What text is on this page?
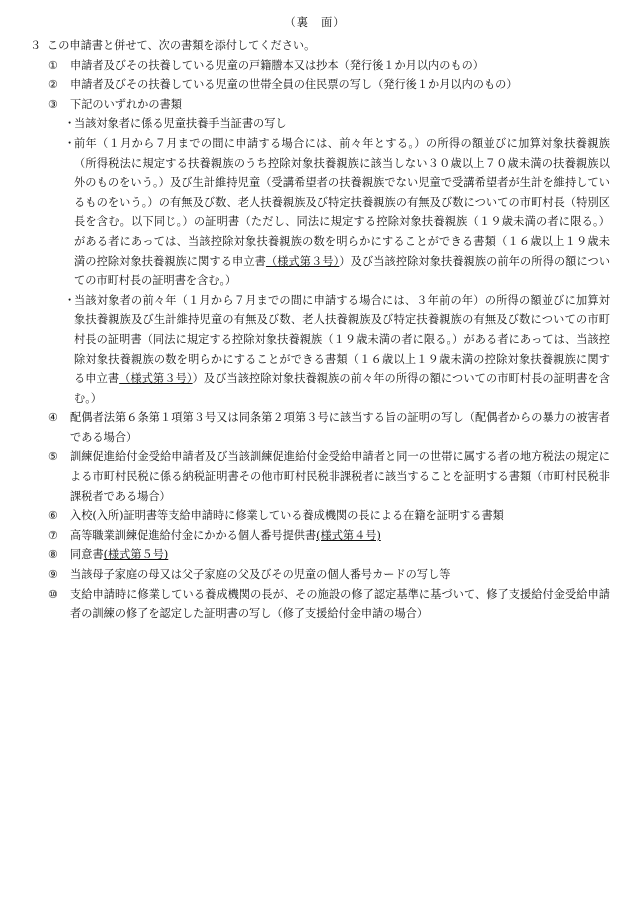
（裏　面）
３ この申請書と併せて、次の書類を添付してください。
①	申請者及びその扶養している児童の戸籍謄本又は抄本（発行後１か月以内のもの）
②	申請者及びその扶養している児童の世帯全員の住民票の写し（発行後１か月以内のもの）
③	下記のいずれかの書類
・
当該対象者に係る児童扶養手当証書の写し
・
前年（１月から７月までの間に申請する場合には、前々年とする。）の所得の額並びに加算対象扶養親族（所得税法に規定する扶養親族のうち控除対象扶養親族に該当しない３０歳以上７０歳未満の扶養親族以外のものをいう。）及び生計維持児童（受講希望者の扶養親族でない児童で受講希望者が生計を維持しているものをいう。）の有無及び数、老人扶養親族及び特定扶養親族の有無及び数についての市町村長（特別区長を含む。以下同じ。）の証明書（ただし、同法に規定する控除対象扶養親族（１９歳未満の者に限る。）がある者にあっては、当該控除対象扶養親族の数を明らかにすることができる書類（１６歳以上１９歳未満の控除対象扶養親族に関する申立書（様式第３号））及び当該控除対象扶養親族の前年の所得の額についての市町村長の証明書を含む。）
・
当該対象者の前々年（１月から７月までの間に申請する場合には、３年前の年）の所得の額並びに加算対象扶養親族及び生計維持児童の有無及び数、老人扶養親族及び特定扶養親族の有無及び数についての市町村長の証明書（同法に規定する控除対象扶養親族（１９歳未満の者に限る。）がある者にあっては、当該控除対象扶養親族の数を明らかにすることができる書類（１６歳以上１９歳未満の控除対象扶養親族に関する申立書（様式第３号））及び当該控除対象扶養親族の前々年の所得の額についての市町村長の証明書を含む。）
④	配偶者法第６条第１項第３号又は同条第２項第３号に該当する旨の証明の写し（配偶者からの暴力の被害者である場合）
⑤	訓練促進給付金受給申請者及び当該訓練促進給付金受給申請者と同一の世帯に属する者の地方税法の規定による市町村民税に係る納税証明書その他市町村民税非課税者に該当することを証明する書類（市町村民税非課税者である場合）
⑥	入校(入所)証明書等支給申請時に修業している養成機関の長による在籍を証明する書類
⑦	高等職業訓練促進給付金にかかる個人番号提供書(様式第４号)
⑧	同意書(様式第５号)
⑨	当該母子家庭の母又は父子家庭の父及びその児童の個人番号カードの写し等
⑩	支給申請時に修業している養成機関の長が、その施設の修了認定基準に基づいて、修了支援給付金受給申請者の訓練の修了を認定した証明書の写し（修了支援給付金申請の場合）
